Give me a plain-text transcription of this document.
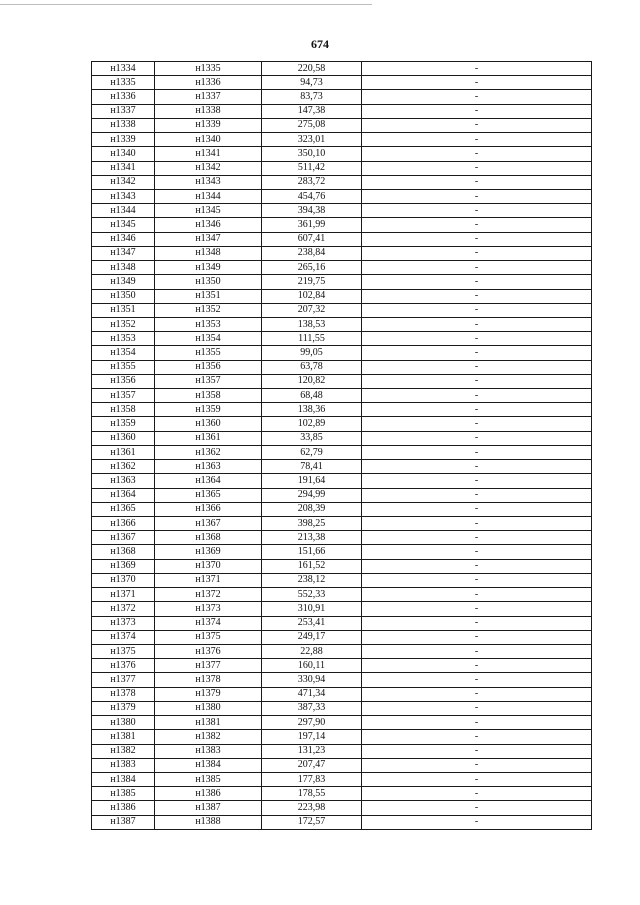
674
н1334	н1335	220,58	-
н1335	н1336	94,73	-
н1336	н1337	83,73	-
н1337	н1338	147,38	-
н1338	н1339	275,08	-
н1339	н1340	323,01	-
н1340	н1341	350,10	-
н1341	н1342	511,42	-
н1342	н1343	283,72	-
н1343	н1344	454,76	-
н1344	н1345	394,38	-
н1345	н1346	361,99	-
н1346	н1347	607,41	-
н1347	н1348	238,84	-
н1348	н1349	265,16	-
н1349	н1350	219,75	-
н1350	н1351	102,84	-
н1351	н1352	207,32	-
н1352	н1353	138,53	-
н1353	н1354	111,55	-
н1354	н1355	99,05	-
н1355	н1356	63,78	-
н1356	н1357	120,82	-
н1357	н1358	68,48	-
н1358	н1359	138,36	-
н1359	н1360	102,89	-
н1360	н1361	33,85	-
н1361	н1362	62,79	-
н1362	н1363	78,41	-
н1363	н1364	191,64	-
н1364	н1365	294,99	-
н1365	н1366	208,39	-
н1366	н1367	398,25	-
н1367	н1368	213,38	-
н1368	н1369	151,66	-
н1369	н1370	161,52	-
н1370	н1371	238,12	-
н1371	н1372	552,33	-
н1372	н1373	310,91	-
н1373	н1374	253,41	-
н1374	н1375	249,17	-
н1375	н1376	22,88	-
н1376	н1377	160,11	-
н1377	н1378	330,94	-
н1378	н1379	471,34	-
н1379	н1380	387,33	-
н1380	н1381	297,90	-
н1381	н1382	197,14	-
н1382	н1383	131,23	-
н1383	н1384	207,47	-
н1384	н1385	177,83	-
н1385	н1386	178,55	-
н1386	н1387	223,98	-
н1387	н1388	172,57	-
